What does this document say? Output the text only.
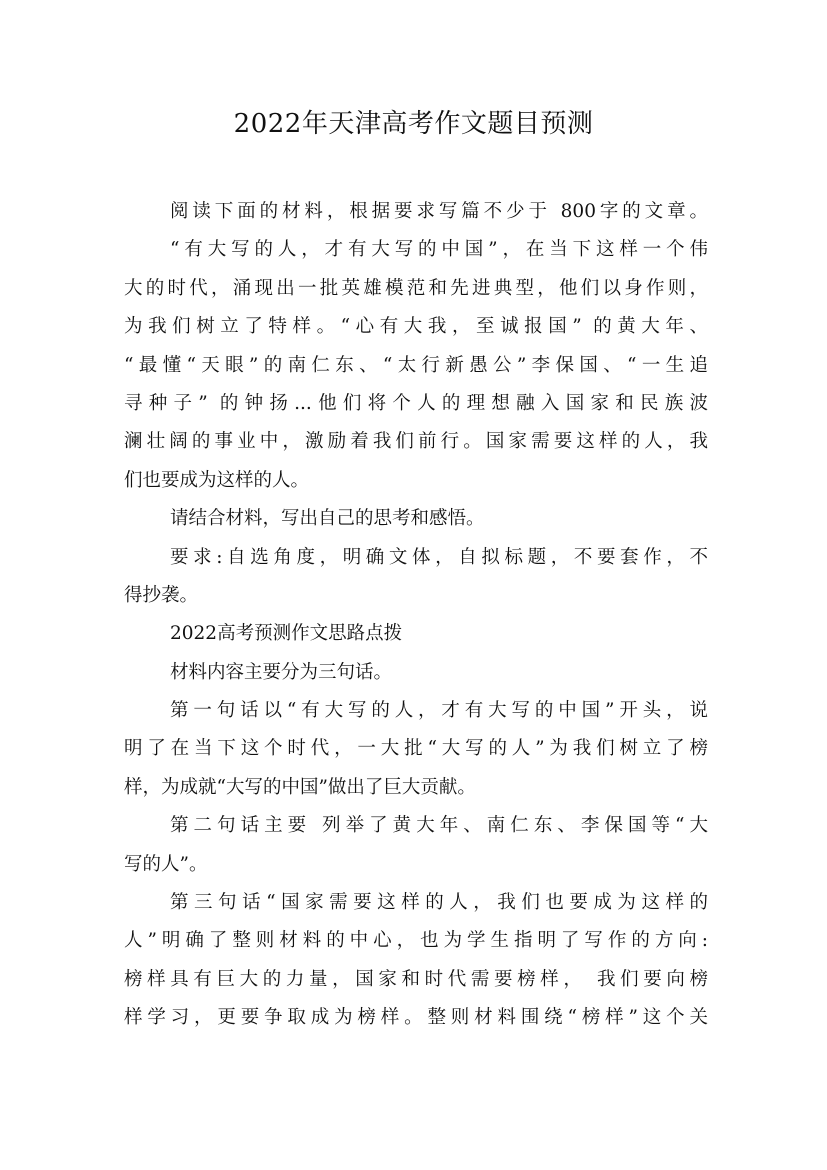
2022年天津高考作文题目预测
阅读下面的材料，根据要求写篇不少于 800字的文章。
“有大写的人，才有大写的中国”，在当下这样一个伟
大的时代，涌现出一批英雄模范和先进典型，他们以身作则，
为我们树立了特样。“心有大我，至诚报国” 的黄大年、
“最懂“天眼”的南仁东、“太行新愚公”李保国、“一生追
寻种子” 的钟扬...他们将个人的理想融入国家和民族波
澜壮阔的事业中，激励着我们前行。国家需要这样的人，我
们也要成为这样的人。
请结合材料，写出自己的思考和感悟。
要求:自选角度，明确文体，自拟标题，不要套作，不
得抄袭。
2022高考预测作文思路点拨
材料内容主要分为三句话。
第一句话以“有大写的人，才有大写的中国”开头，说
明了在当下这个时代，一大批“大写的人”为我们树立了榜
样，为成就“大写的中国”做出了巨大贡献。
第二句话主要 列举了黄大年、南仁东、李保国等“大
写的人”。
第三句话“国家需要这样的人，我们也要成为这样的
人”明确了整则材料的中心，也为学生指明了写作的方向:
榜样具有巨大的力量，国家和时代需要榜样， 我们要向榜
样学习，更要争取成为榜样。整则材料围绕“榜样”这个关
